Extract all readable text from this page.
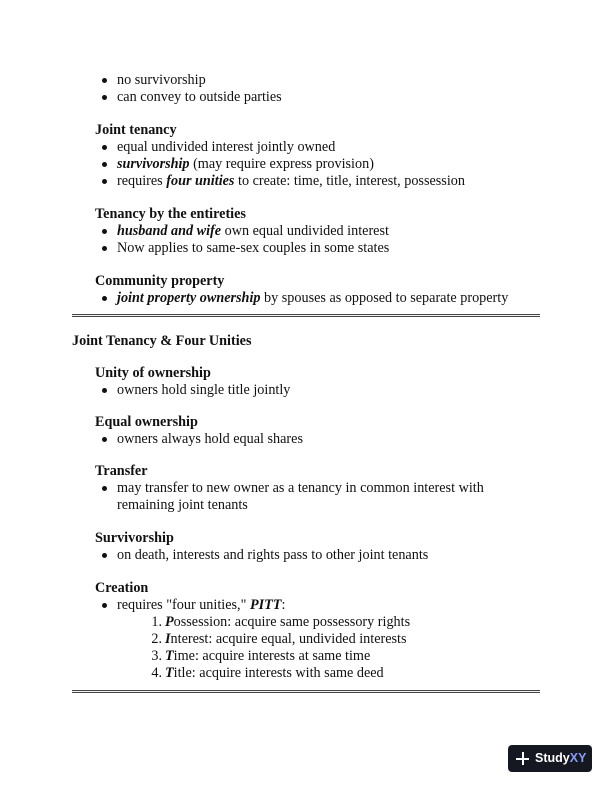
no survivorship
can convey to outside parties

Joint tenancy

equal undivided interest jointly owned
survivorship (may require express provision)
requires four unities to create: time, title, interest, possession

Tenancy by the entireties

husband and wife own equal undivided interest
Now applies to same-sex couples in some states

Community property

joint property ownership by spouses as opposed to separate property
Joint Tenancy & Four Unities

Unity of ownership

owners hold single title jointly

Equal ownership

owners always hold equal shares

Transfer

may transfer to new owner as a tenancy in common interest with remaining joint tenants

Survivorship

on death, interests and rights pass to other joint tenants

Creation

requires "four unities," PITT:
1. Possession: acquire same possessory rights
2. Interest: acquire equal, undivided interests
3. Time: acquire interests at same time
4. Title: acquire interests with same deed
Study XY
